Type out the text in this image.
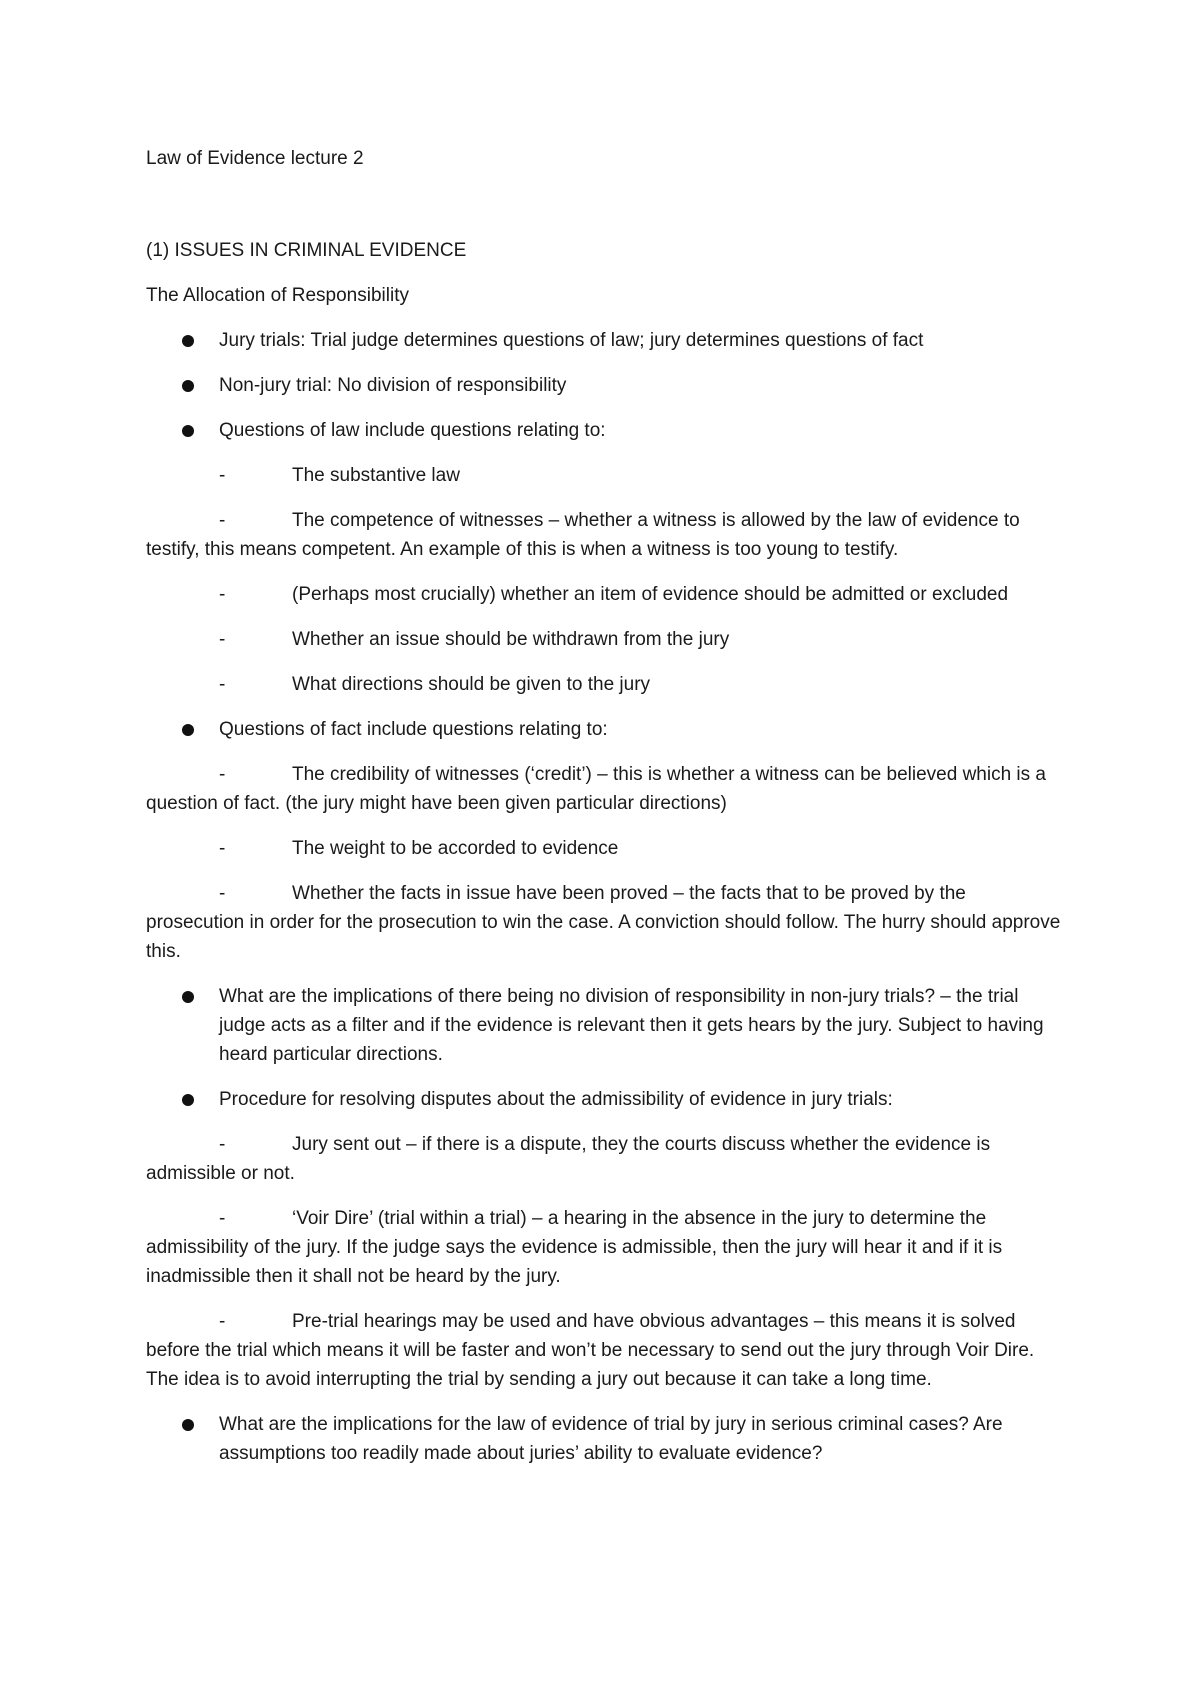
Law of Evidence lecture 2
(1) ISSUES IN CRIMINAL EVIDENCE
The Allocation of Responsibility
Jury trials: Trial judge determines questions of law; jury determines questions of fact
Non-jury trial: No division of responsibility
Questions of law include questions relating to:
-	The substantive law
-	The competence of witnesses – whether a witness is allowed by the law of evidence to testify, this means competent. An example of this is when a witness is too young to testify.
-	(Perhaps most crucially) whether an item of evidence should be admitted or excluded
-	Whether an issue should be withdrawn from the jury
-	What directions should be given to the jury
Questions of fact include questions relating to:
-	The credibility of witnesses (‘credit’) – this is whether a witness can be believed which is a question of fact. (the jury might have been given particular directions)
-	The weight to be accorded to evidence
-	Whether the facts in issue have been proved – the facts that to be proved by the prosecution in order for the prosecution to win the case. A conviction should follow. The hurry should approve this.
What are the implications of there being no division of responsibility in non-jury trials? – the trial judge acts as a filter and if the evidence is relevant then it gets hears by the jury. Subject to having heard particular directions.
Procedure for resolving disputes about the admissibility of evidence in jury trials:
-	Jury sent out – if there is a dispute, they the courts discuss whether the evidence is admissible or not.
-	‘Voir Dire’ (trial within a trial) – a hearing in the absence in the jury to determine the admissibility of the jury. If the judge says the evidence is admissible, then the jury will hear it and if it is inadmissible then it shall not be heard by the jury.
-	Pre-trial hearings may be used and have obvious advantages – this means it is solved before the trial which means it will be faster and won’t be necessary to send out the jury through Voir Dire. The idea is to avoid interrupting the trial by sending a jury out because it can take a long time.
What are the implications for the law of evidence of trial by jury in serious criminal cases? Are assumptions too readily made about juries’ ability to evaluate evidence?
